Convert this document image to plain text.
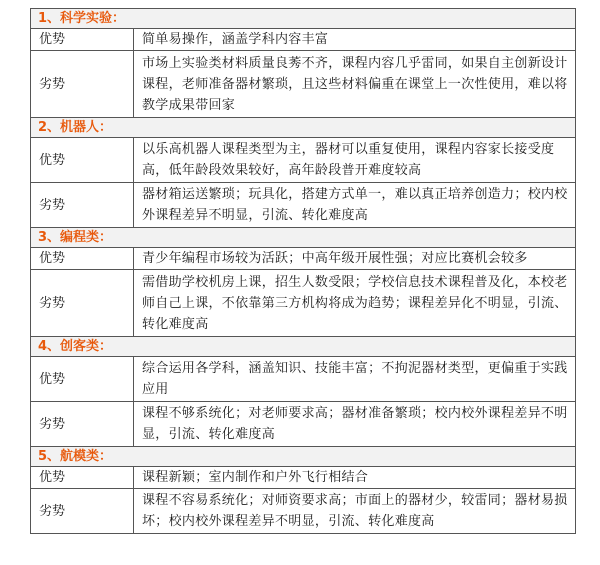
1、科学实验：	
优势	简单易操作，涵盖学科内容丰富
劣势	市场上实验类材料质量良莠不齐，课程内容几乎雷同，如果自主创新设计课程，老师准备器材繁琐，且这些材料偏重在课堂上一次性使用，难以将教学成果带回家
2、机器人：	
优势	以乐高机器人课程类型为主，器材可以重复使用，课程内容家长接受度高，低年龄段效果较好，高年龄段普开难度较高
劣势	器材箱运送繁琐；玩具化，搭建方式单一，难以真正培养创造力；校内校外课程差异不明显，引流、转化难度高
3、编程类：	
优势	青少年编程市场较为活跃；中高年级开展性强；对应比赛机会较多
劣势	需借助学校机房上课，招生人数受限；学校信息技术课程普及化，本校老师自己上课，不依靠第三方机构将成为趋势；课程差异化不明显，引流、转化难度高
4、创客类：	
优势	综合运用各学科，涵盖知识、技能丰富；不拘泥器材类型，更偏重于实践应用
劣势	课程不够系统化；对老师要求高；器材准备繁琐；校内校外课程差异不明显，引流、转化难度高
5、航模类：	
优势	课程新颖；室内制作和户外飞行相结合
劣势	课程不容易系统化；对师资要求高；市面上的器材少，较雷同；器材易损坏；校内校外课程差异不明显，引流、转化难度高
